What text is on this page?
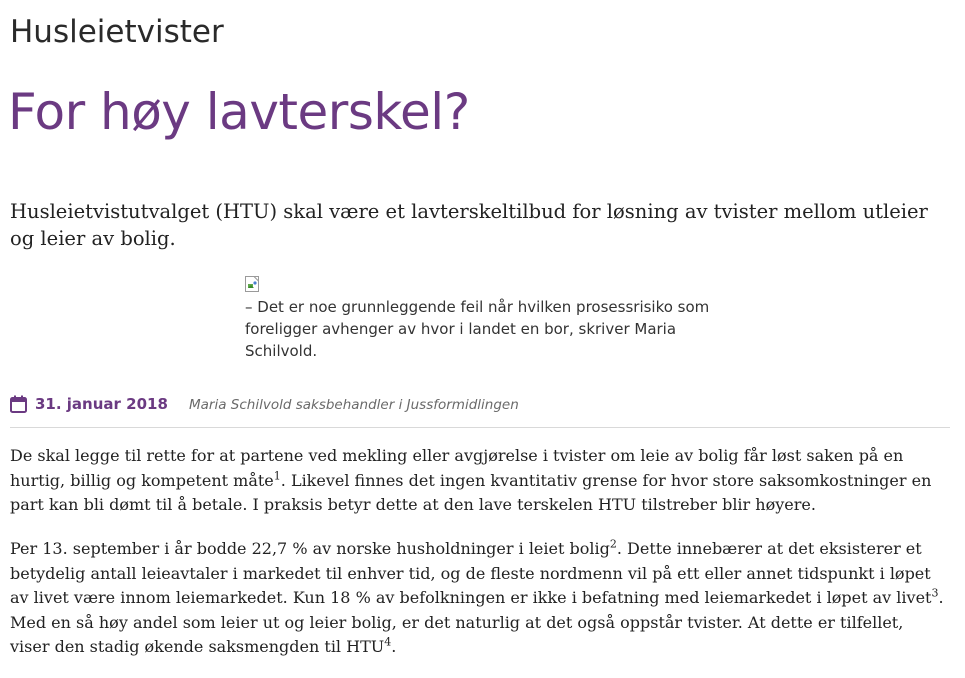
Husleietvister
For høy lavterskel?

Husleietvistutvalget (HTU) skal være et lavterskeltilbud for løsning av tvister mellom utleier og leier av bolig.

– Det er noe grunnleggende feil når hvilken prosessrisiko som foreligger avhenger av hvor i landet en bor, skriver Maria Schilvold.
31. januar 2018 Maria Schilvold saksbehandler i Jussformidlingen

De skal legge til rette for at partene ved mekling eller avgjørelse i tvister om leie av bolig får løst saken på en hurtig, billig og kompetent måte$^1$. Likevel finnes det ingen kvantitativ grense for hvor store saksomkostninger en part kan bli dømt til å betale. I praksis betyr dette at den lave terskelen HTU tilstreber blir høyere.

Per 13. september i år bodde 22,7 % av norske husholdninger i leiet bolig$^2$. Dette innebærer at det eksisterer et betydelig antall leieavtaler i markedet til enhver tid, og de fleste nordmenn vil på ett eller annet tidspunkt i løpet av livet være innom leiemarkedet. Kun 18 % av befolkningen er ikke i befatning med leiemarkedet i løpet av livet$^3$. Med en så høy andel som leier ut og leier bolig, er det naturlig at det også oppstår tvister. At dette er tilfellet, viser den stadig økende saksmengden til HTU$^4$.
